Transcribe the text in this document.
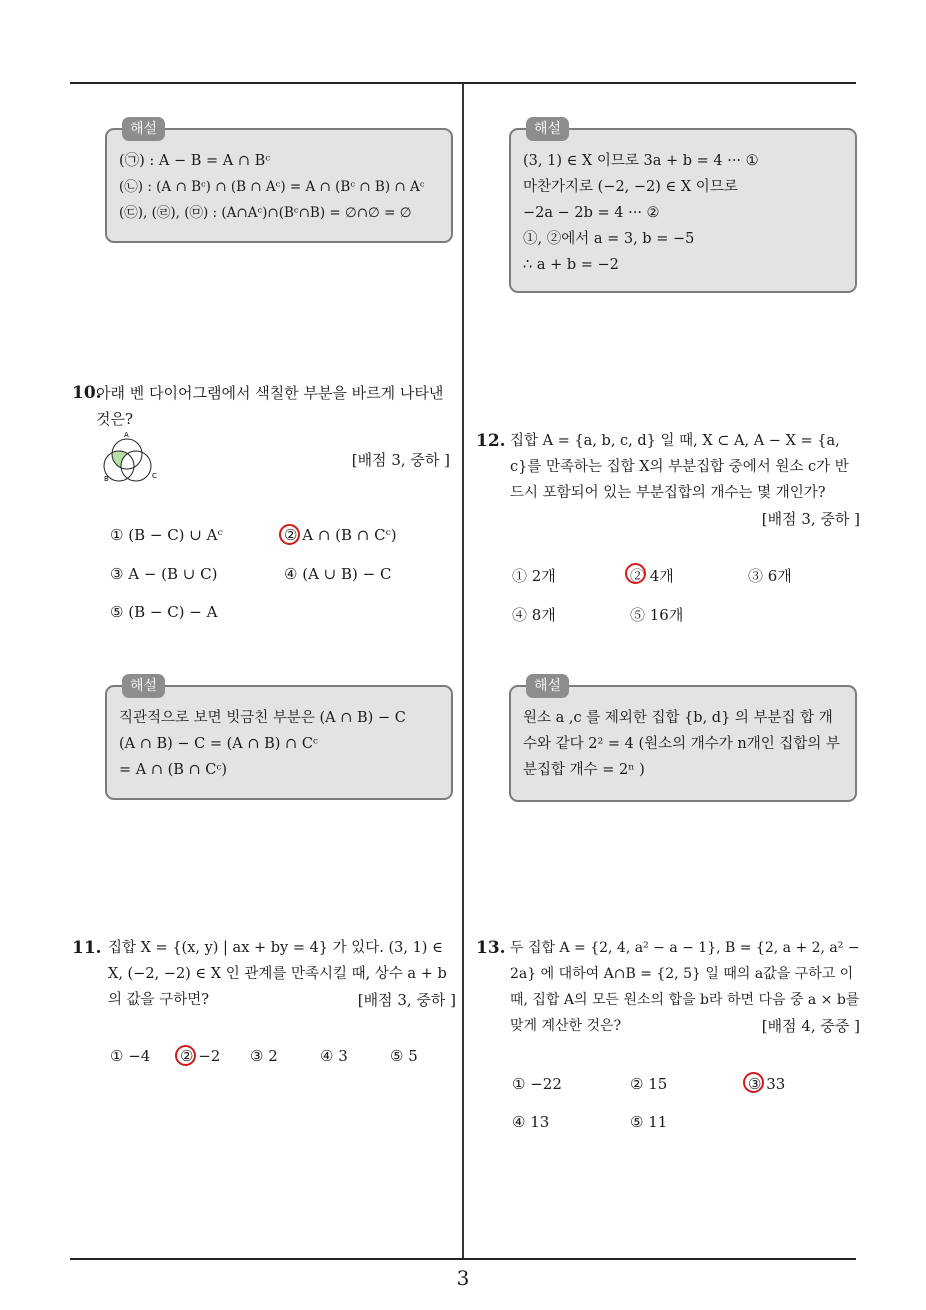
해설
(㉠) : A − B = A ∩ Bᶜ
(㉡) : (A ∩ Bᶜ) ∩ (B ∩ Aᶜ) = A ∩ (Bᶜ ∩ B) ∩ Aᶜ
(㉢), (㉣), (㉤) : (A∩Aᶜ)∩(Bᶜ∩B) = ∅∩∅ = ∅
10.
아래 벤 다이어그램에서 색칠한 부분을 바르게 나타낸 것은?
A
B	C
[배점 3, 중하 ]
① (B − C) ∪ Aᶜ	② A ∩ (B ∩ Cᶜ)
③ A − (B ∪ C)	④ (A ∪ B) − C
⑤ (B − C) − A
해설
직관적으로 보면 빗금친 부분은 (A ∩ B) − C
(A ∩ B) − C = (A ∩ B) ∩ Cᶜ
= A ∩ (B ∩ Cᶜ)
11. 집합 X = {(x, y) | ax + by = 4} 가 있다. (3, 1) ∈ X, (−2, −2) ∈ X 인 관계를 만족시킬 때, 상수 a + b의 값을 구하면?	[배점 3, 중하 ]
① −4 ② −2 ③ 2	④ 3	⑤ 5
해설
(3, 1) ∈ X 이므로 3a + b = 4 ··· ①
마찬가지로 (−2, −2) ∈ X 이므로
−2a − 2b = 4 ··· ②
①, ②에서 a = 3, b = −5
∴ a + b = −2
12. 집합 A = {a, b, c, d} 일 때, X ⊂ A, A − X = {a, c}를 만족하는 집합 X의 부분집합 중에서 원소 c가 반드시 포함되어 있는 부분집합의 개수는 몇 개인가?
[배점 3, 중하 ]
① 2개	② 4개	③ 6개
④ 8개	⑤ 16개
해설
원소 a ,c 를 제외한 집합 {b, d} 의 부분집 합 개수와 같다 2² = 4 (원소의 개수가 n개인 집합의 부분집합 개수 = 2ⁿ )
13. 두 집합 A = {2, 4, a² − a − 1}, B = {2, a + 2, a² − 2a} 에 대하여 A∩B = {2, 5} 일 때의 a값을 구하고 이 때, 집합 A의 모든 원소의 합을 b라 하면 다음 중 a × b를 맞게 계산한 것은?	[배점 4, 중중 ]
① −22	② 15	③ 33
④ 13	⑤ 11
3
